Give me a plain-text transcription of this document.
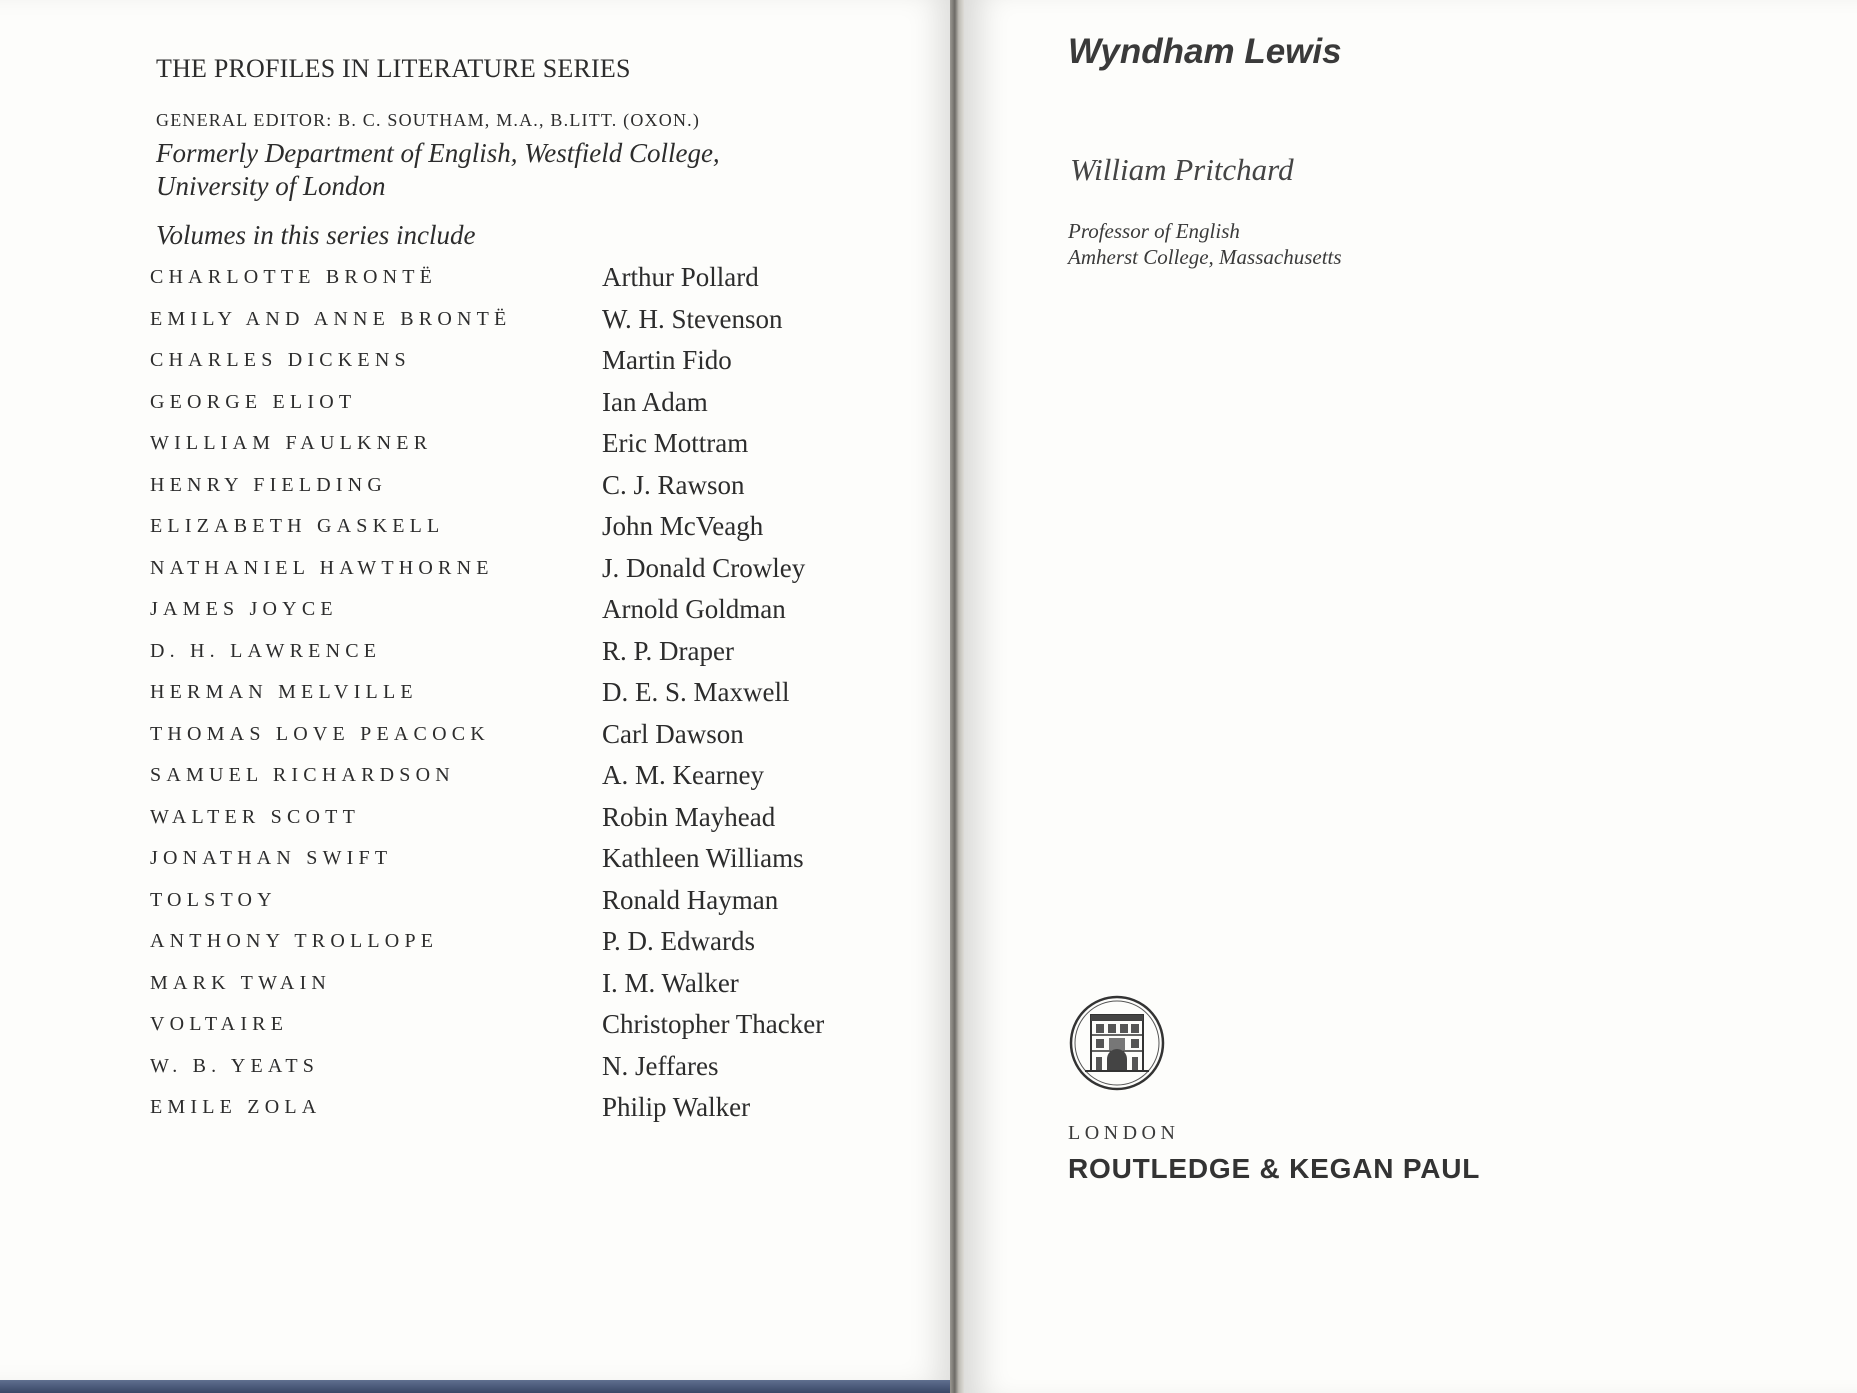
THE PROFILES IN LITERATURE SERIES
GENERAL EDITOR: B. C. SOUTHAM, M.A., B.LITT. (OXON.)
Formerly Department of English, Westfield College, University of London
Volumes in this series include
CHARLOTTE BRONTË	Arthur Pollard
EMILY AND ANNE BRONTË	W. H. Stevenson
CHARLES DICKENS	Martin Fido
GEORGE ELIOT	Ian Adam
WILLIAM FAULKNER	Eric Mottram
HENRY FIELDING	C. J. Rawson
ELIZABETH GASKELL	John McVeagh
NATHANIEL HAWTHORNE	J. Donald Crowley
JAMES JOYCE	Arnold Goldman
D. H. LAWRENCE	R. P. Draper
HERMAN MELVILLE	D. E. S. Maxwell
THOMAS LOVE PEACOCK	Carl Dawson
SAMUEL RICHARDSON	A. M. Kearney
WALTER SCOTT	Robin Mayhead
JONATHAN SWIFT	Kathleen Williams
TOLSTOY	Ronald Hayman
ANTHONY TROLLOPE	P. D. Edwards
MARK TWAIN	I. M. Walker
VOLTAIRE	Christopher Thacker
W. B. YEATS	N. Jeffares
EMILE ZOLA	Philip Walker
Wyndham Lewis
William Pritchard
Professor of English
Amherst College, Massachusetts
LONDON
ROUTLEDGE & KEGAN PAUL
